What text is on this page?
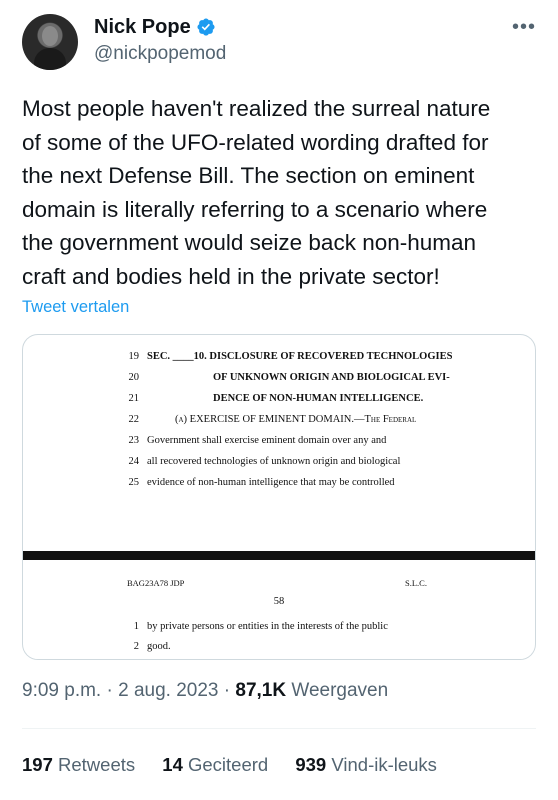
Nick Pope
@nickpopemod
•••
Most people haven't realized the surreal nature
of some of the UFO-related wording drafted for
the next Defense Bill. The section on eminent
domain is literally referring to a scenario where
the government would seize back non-human
craft and bodies held in the private sector!
Tweet vertalen
19 SEC. ____10. DISCLOSURE OF RECOVERED TECHNOLOGIES
20	OF UNKNOWN ORIGIN AND BIOLOGICAL EVI-
21	DENCE OF NON-HUMAN INTELLIGENCE.
22	(a) EXERCISE OF EMINENT DOMAIN.—The Federal
23 Government shall exercise eminent domain over any and
24 all recovered technologies of unknown origin and biological
25 evidence of non-human intelligence that may be controlled
BAG23A78 JDP	S.L.C.
58
1 by private persons or entities in the interests of the public
2 good.
9:09 p.m. · 2 aug. 2023 · 87,1K Weergaven
197 Retweets 14 Geciteerd 939 Vind-ik-leuks
